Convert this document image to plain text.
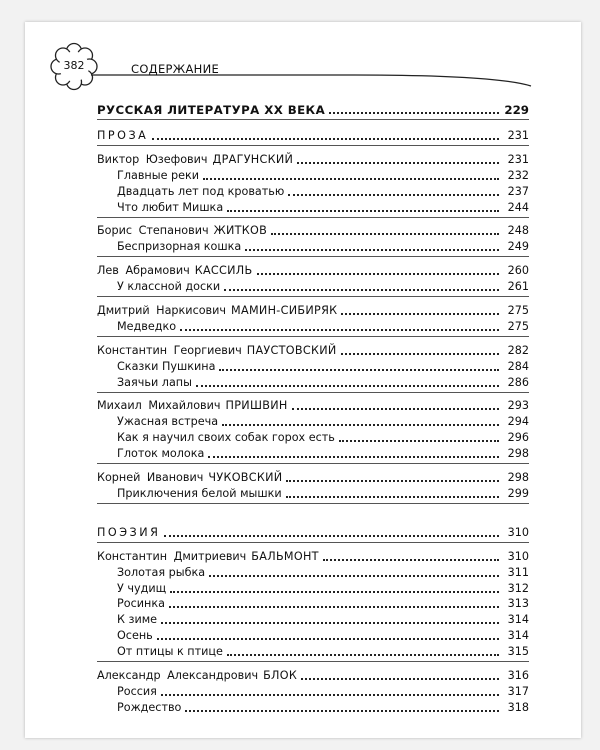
382	СОДЕРЖАНИЕ
РУССКАЯ ЛИТЕРАТУРА ХХ ВЕКА	229
ПРОЗА	231
Виктор Юзефович ДРАГУНСКИЙ	231
Главные реки	232
Двадцать лет под кроватью	237
Что любит Мишка	244
Борис Степанович ЖИТКОВ	248
Беспризорная кошка	249
Лев Абрамович КАССИЛЬ	260
У классной доски	261
Дмитрий Наркисович МАМИН-СИБИРЯК	275
Медведко	275
Константин Георгиевич ПАУСТОВСКИЙ	282
Сказки Пушкина	284
Заячьи лапы	286
Михаил Михайлович ПРИШВИН	293
Ужасная встреча	294
Как я научил своих собак горох есть	296
Глоток молока	298
Корней Иванович ЧУКОВСКИЙ	298
Приключения белой мышки	299
ПОЭЗИЯ	310
Константин Дмитриевич БАЛЬМОНТ	310
Золотая рыбка	311
У чудищ	312
Росинка	313
К зиме	314
Осень	314
От птицы к птице	315
Александр Александрович БЛОК	316
Россия	317
Рождество	318
